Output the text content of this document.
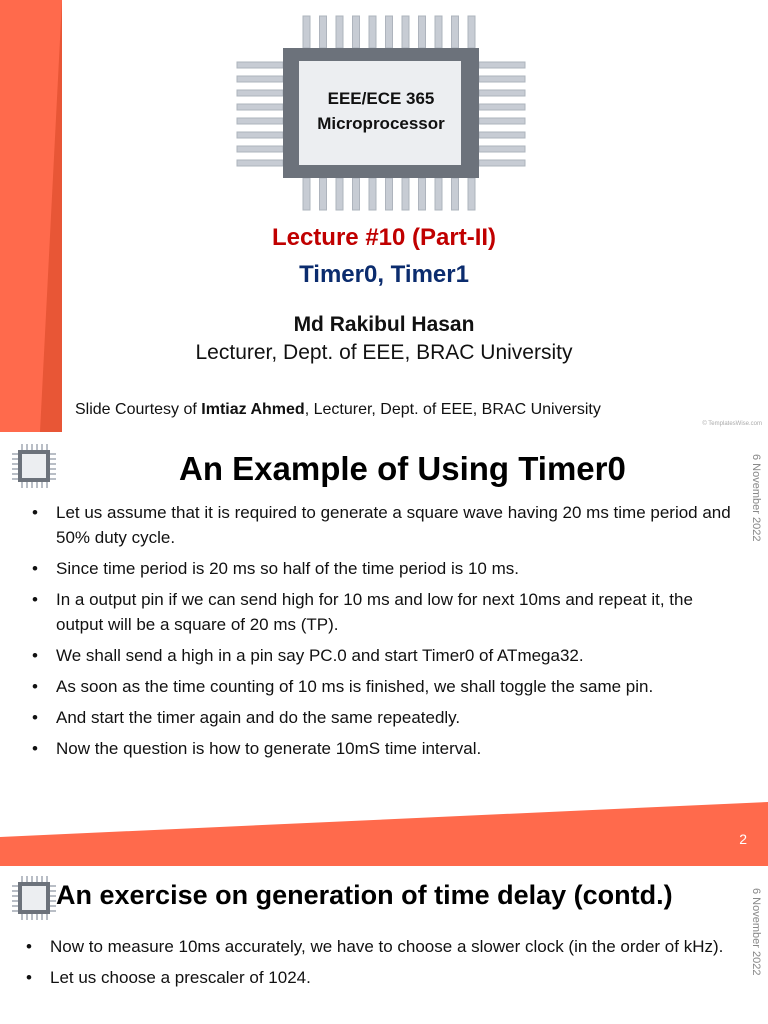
EEE/ECE 365
Microprocessor
Lecture #10 (Part-II)
Timer0, Timer1
Md Rakibul Hasan
Lecturer, Dept. of EEE, BRAC University
Slide Courtesy of Imtiaz Ahmed, Lecturer, Dept. of EEE, BRAC University
© TemplatesWise.com
An Example of Using Timer0	6 November 2022
• Let us assume that it is required to generate a square wave having 20 ms time period and 50% duty cycle.
• Since time period is 20 ms so half of the time period is 10 ms.
• In a output pin if we can send high for 10 ms and low for next 10ms and repeat it, the output will be a square of 20 ms (TP).
• We shall send a high in a pin say PC.0 and start Timer0 of ATmega32.
• As soon as the time counting of 10 ms is finished, we shall toggle the same pin.
• And start the timer again and do the same repeatedly.
• Now the question is how to generate 10mS time interval.
2
An exercise on generation of time delay (contd.)	6 November 2022
• Now to measure 10ms accurately, we have to choose a slower clock (in the order of kHz).
• Let us choose a prescaler of 1024.
